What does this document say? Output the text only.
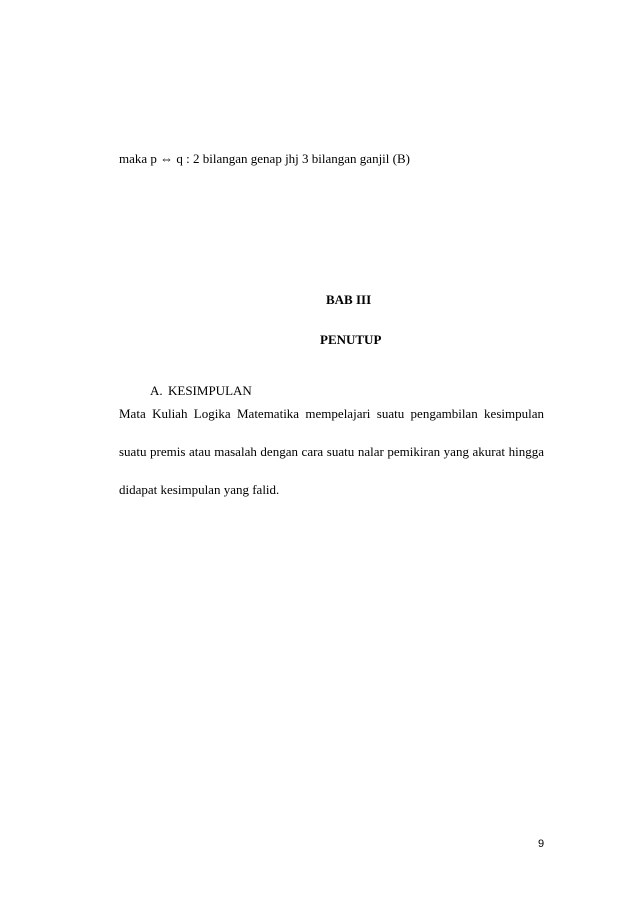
maka p ⇔ q : 2 bilangan genap jhj 3 bilangan ganjil (B)
BAB III
PENUTUP
A. KESIMPULAN
Mata Kuliah Logika Matematika mempelajari suatu pengambilan kesimpulan
suatu premis atau masalah dengan cara suatu nalar pemikiran yang akurat hingga
didapat kesimpulan yang falid.
9
